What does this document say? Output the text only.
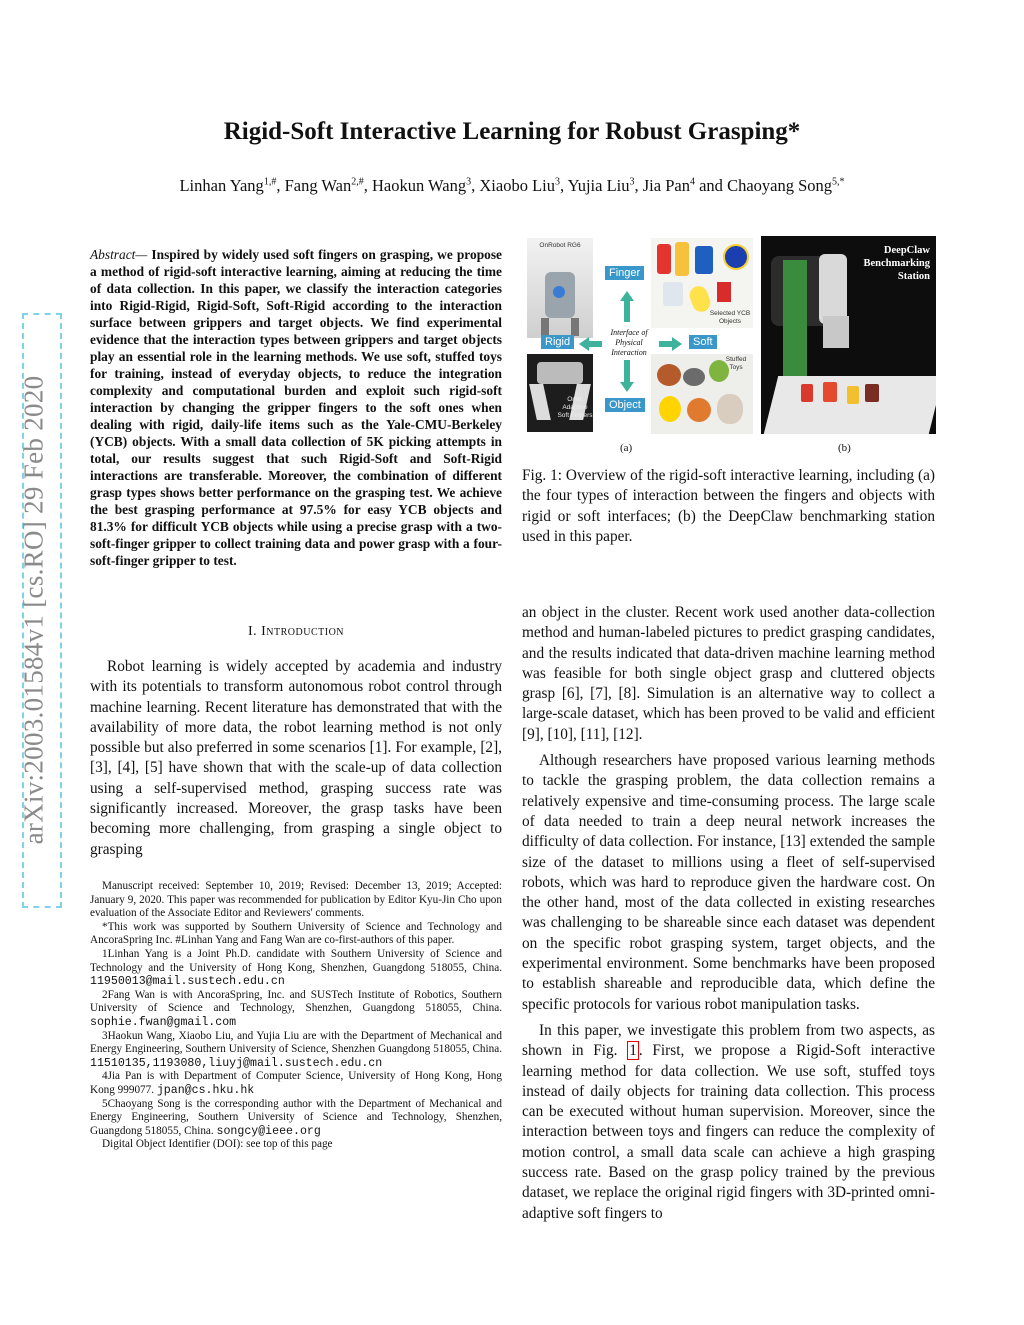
arXiv:2003.01584v1 [cs.RO] 29 Feb 2020
Rigid-Soft Interactive Learning for Robust Grasping*
Linhan Yang$^{1,\#}$, Fang Wan$^{2,\#}$, Haokun Wang$^3$, Xiaobo Liu$^3$, Yujia Liu$^3$, Jia Pan$^4$ and Chaoyang Song$^{5,*}$
Abstract— Inspired by widely used soft fingers on grasping, we propose a method of rigid-soft interactive learning, aiming at reducing the time of data collection. In this paper, we classify the interaction categories into Rigid-Rigid, Rigid-Soft, Soft-Rigid according to the interaction surface between grippers and target objects. We find experimental evidence that the interaction types between grippers and target objects play an essential role in the learning methods. We use soft, stuffed toys for training, instead of everyday objects, to reduce the integration complexity and computational burden and exploit such rigid-soft interaction by changing the gripper fingers to the soft ones when dealing with rigid, daily-life items such as the Yale-CMU-Berkeley (YCB) objects. With a small data collection of 5K picking attempts in total, our results suggest that such Rigid-Soft and Soft-Rigid interactions are transferable. Moreover, the combination of different grasp types shows better performance on the grasping test. We achieve the best grasping performance at 97.5% for easy YCB objects and 81.3% for difficult YCB objects while using a precise grasp with a two-soft-finger gripper to collect training data and power grasp with a four-soft-finger gripper to test.
I. Introduction

Robot learning is widely accepted by academia and industry with its potentials to transform autonomous robot control through machine learning. Recent literature has demonstrated that with the availability of more data, the robot learning method is not only possible but also preferred in some scenarios [1]. For example, [2], [3], [4], [5] have shown that with the scale-up of data collection using a self-supervised method, grasping success rate was significantly increased. Moreover, the grasp tasks have been becoming more challenging, from grasping a single object to grasping

Manuscript received: September 10, 2019; Revised: December 13, 2019; Accepted: January 9, 2020. This paper was recommended for publication by Editor Kyu-Jin Cho upon evaluation of the Associate Editor and Reviewers' comments.

*This work was supported by Southern University of Science and Technology and AncoraSpring Inc. #Linhan Yang and Fang Wan are co-first-authors of this paper.

1Linhan Yang is a Joint Ph.D. candidate with Southern University of Science and Technology and the University of Hong Kong, Shenzhen, Guangdong 518055, China. 11950013@mail.sustech.edu.cn

2Fang Wan is with AncoraSpring, Inc. and SUSTech Institute of Robotics, Southern University of Science and Technology, Shenzhen, Guangdong 518055, China. sophie.fwan@gmail.com

3Haokun Wang, Xiaobo Liu, and Yujia Liu are with the Department of Mechanical and Energy Engineering, Southern University of Science, Shenzhen Guangdong 518055, China. 11510135,1193080,liuyj@mail.sustech.edu.cn

4Jia Pan is with Department of Computer Science, University of Hong Kong, Hong Kong 999077. jpan@cs.hku.hk

5Chaoyang Song is the corresponding author with the Department of Mechanical and Energy Engineering, Southern University of Science and Technology, Shenzhen, Guangdong 518055, China. songcy@ieee.org

Digital Object Identifier (DOI): see top of this page

OnRobot RG6
Omni Adaptive Soft Fingers
Finger
Rigid
Interface of Physical Interaction
Soft
Object
Selected YCB Objects
Stuffed Toys
DeepClaw Benchmarking Station
(a)	(b)
Fig. 1: Overview of the rigid-soft interactive learning, including (a) the four types of interaction between the fingers and objects with rigid or soft interfaces; (b) the DeepClaw benchmarking station used in this paper.

an object in the cluster. Recent work used another data-collection method and human-labeled pictures to predict grasping candidates, and the results indicated that data-driven machine learning method was feasible for both single object grasp and cluttered objects grasp [6], [7], [8]. Simulation is an alternative way to collect a large-scale dataset, which has been proved to be valid and efficient [9], [10], [11], [12].

Although researchers have proposed various learning methods to tackle the grasping problem, the data collection remains a relatively expensive and time-consuming process. The large scale of data needed to train a deep neural network increases the difficulty of data collection. For instance, [13] extended the sample size of the dataset to millions using a fleet of self-supervised robots, which was hard to reproduce given the hardware cost. On the other hand, most of the data collected in existing researches was challenging to be shareable since each dataset was dependent on the specific robot grasping system, target objects, and the experimental environment. Some benchmarks have been proposed to establish shareable and reproducible data, which define the specific protocols for various robot manipulation tasks.

In this paper, we investigate this problem from two aspects, as shown in Fig. 1 . First, we propose a Rigid-Soft interactive learning method for data collection. We use soft, stuffed toys instead of daily objects for training data collection. This process can be executed without human supervision. Moreover, since the interaction between toys and fingers can reduce the complexity of motion control, a small data scale can achieve a high grasping success rate. Based on the grasp policy trained by the previous dataset, we replace the original rigid fingers with 3D-printed omni-adaptive soft fingers to
